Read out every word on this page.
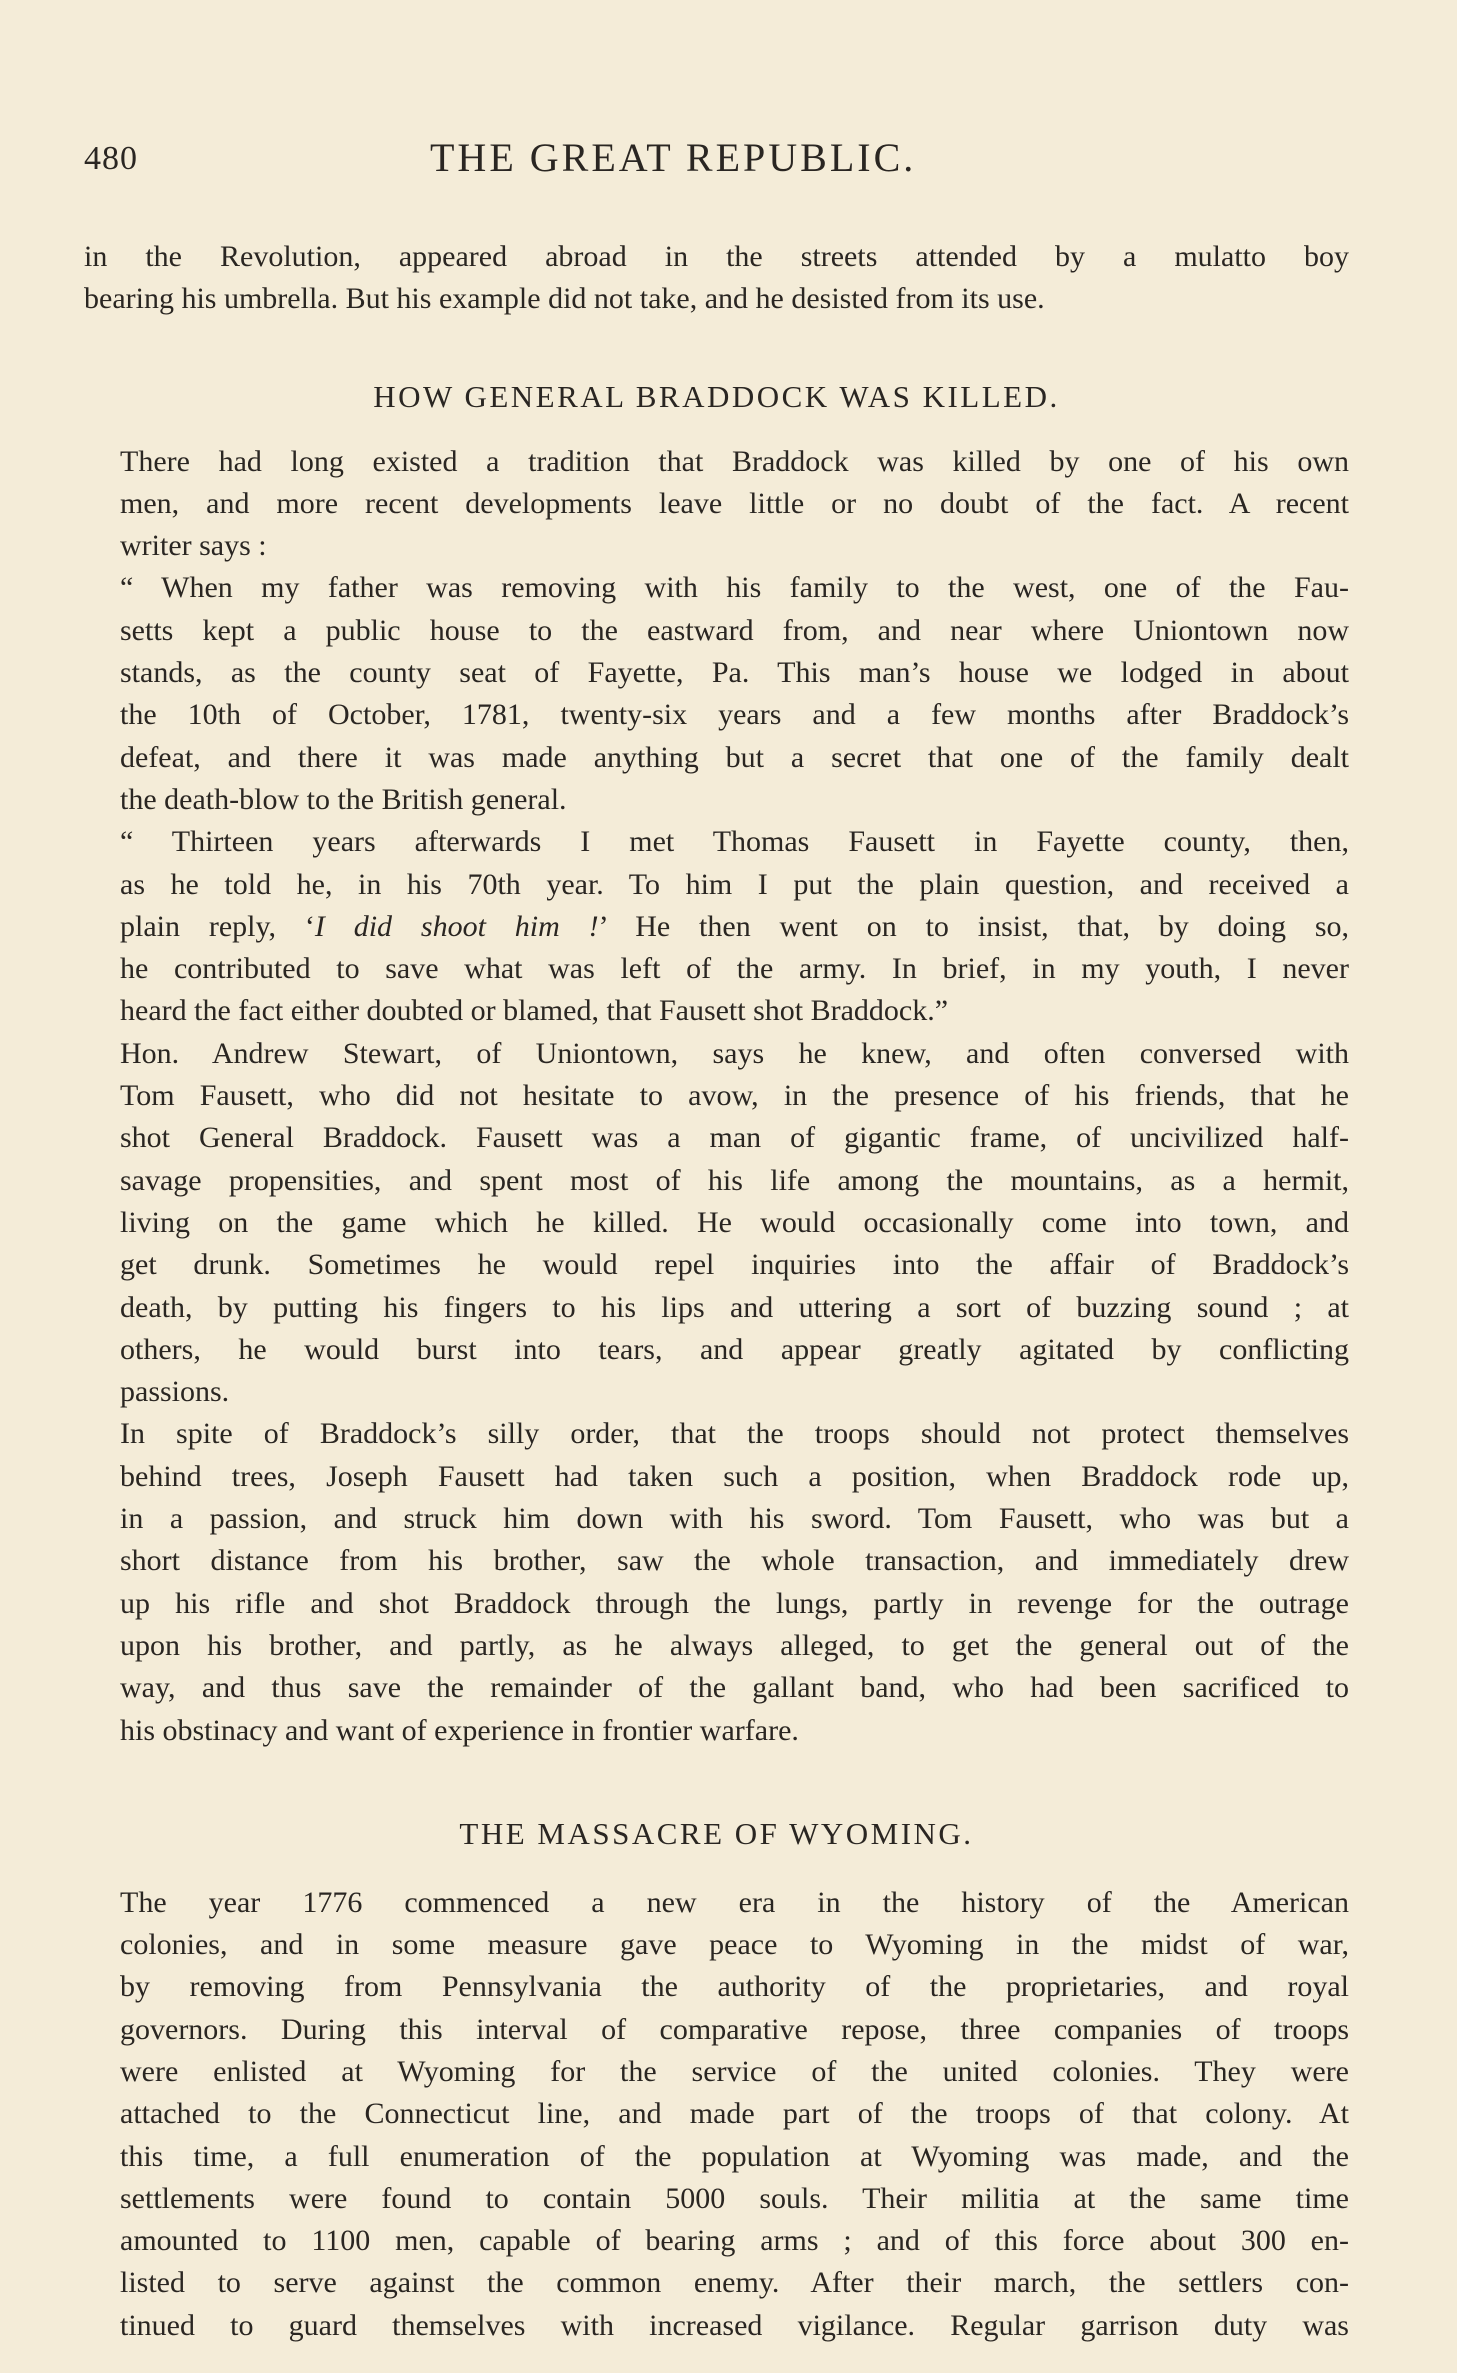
480	THE GREAT REPUBLIC.

in the Revolution, appeared abroad in the streets attended by a mulatto boy
bearing his umbrella. But his example did not take, and he desisted from its use.

HOW GENERAL BRADDOCK WAS KILLED.

There had long existed a tradition that Braddock was killed by one of his own
men, and more recent developments leave little or no doubt of the fact. A recent
writer says :

“ When my father was removing with his family to the west, one of the Fau-
setts kept a public house to the eastward from, and near where Uniontown now
stands, as the county seat of Fayette, Pa. This man’s house we lodged in about
the 10th of October, 1781, twenty-six years and a few months after Braddock’s
defeat, and there it was made anything but a secret that one of the family dealt
the death-blow to the British general.

“ Thirteen years afterwards I met Thomas Fausett in Fayette county, then,
as he told he, in his 70th year. To him I put the plain question, and received a
plain reply, ‘I did shoot him !’ He then went on to insist, that, by doing so,
he contributed to save what was left of the army. In brief, in my youth, I never
heard the fact either doubted or blamed, that Fausett shot Braddock.”

Hon. Andrew Stewart, of Uniontown, says he knew, and often conversed with
Tom Fausett, who did not hesitate to avow, in the presence of his friends, that he
shot General Braddock. Fausett was a man of gigantic frame, of uncivilized half-
savage propensities, and spent most of his life among the mountains, as a hermit,
living on the game which he killed. He would occasionally come into town, and
get drunk. Sometimes he would repel inquiries into the affair of Braddock’s
death, by putting his fingers to his lips and uttering a sort of buzzing sound ; at
others, he would burst into tears, and appear greatly agitated by conflicting
passions.

In spite of Braddock’s silly order, that the troops should not protect themselves
behind trees, Joseph Fausett had taken such a position, when Braddock rode up,
in a passion, and struck him down with his sword. Tom Fausett, who was but a
short distance from his brother, saw the whole transaction, and immediately drew
up his rifle and shot Braddock through the lungs, partly in revenge for the outrage
upon his brother, and partly, as he always alleged, to get the general out of the
way, and thus save the remainder of the gallant band, who had been sacrificed to
his obstinacy and want of experience in frontier warfare.

THE MASSACRE OF WYOMING.

The year 1776 commenced a new era in the history of the American
colonies, and in some measure gave peace to Wyoming in the midst of war,
by removing from Pennsylvania the authority of the proprietaries, and royal
governors. During this interval of comparative repose, three companies of troops
were enlisted at Wyoming for the service of the united colonies. They were
attached to the Connecticut line, and made part of the troops of that colony. At
this time, a full enumeration of the population at Wyoming was made, and the
settlements were found to contain 5000 souls. Their militia at the same time
amounted to 1100 men, capable of bearing arms ; and of this force about 300 en-
listed to serve against the common enemy. After their march, the settlers con-
tinued to guard themselves with increased vigilance. Regular garrison duty was
